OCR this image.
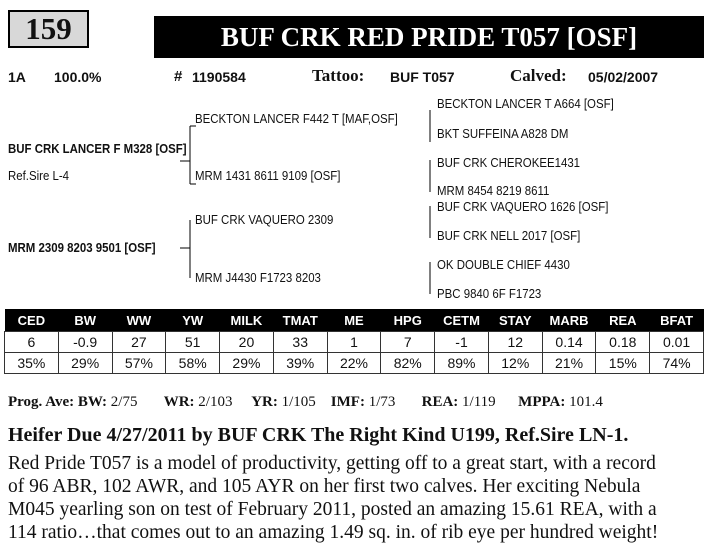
159	BUF CRK RED PRIDE T057 [OSF]
1A 100.0%	# 1190584	Tattoo: BUF T057	Calved: 05/02/2007
BECKTON LANCER F442 T [MAF,OSF]
BECKTON LANCER T A664 [OSF]
BKT SUFFEINA A828 DM
BUF CRK LANCER F M328 [OSF]
BUF CRK CHEROKEE1431
Ref.Sire L-4	MRM 1431 8611 9109 [OSF]
MRM 8454 8219 8611
BUF CRK VAQUERO 1626 [OSF]
BUF CRK VAQUERO 2309
BUF CRK NELL 2017 [OSF]
MRM 2309 8203 9501 [OSF]
OK DOUBLE CHIEF 4430
MRM J4430 F1723 8203
PBC 9840 6F F1723
CED	BW	WW	YW	MILK	TMAT	ME	HPG	CETM	STAY	MARB	REA	BFAT
6	-0.9	27	51	20	33	1	7	-1	12	0.14	0.18	0.01
35%	29%	57%	58%	29%	39%	22%	82%	89%	12%	21%	15%	74%
Prog. Ave: BW: 2/75 WR: 2/103 YR: 1/105 IMF: 1/73 REA: 1/119 MPPA: 101.4
Heifer Due 4/27/2011 by BUF CRK The Right Kind U199, Ref.Sire LN-1.
Red Pride T057 is a model of productivity, getting off to a great start, with a record
of 96 ABR, 102 AWR, and 105 AYR on her first two calves. Her exciting Nebula
M045 yearling son on test of February 2011, posted an amazing 15.61 REA, with a
114 ratio…that comes out to an amazing 1.49 sq. in. of rib eye per hundred weight!
